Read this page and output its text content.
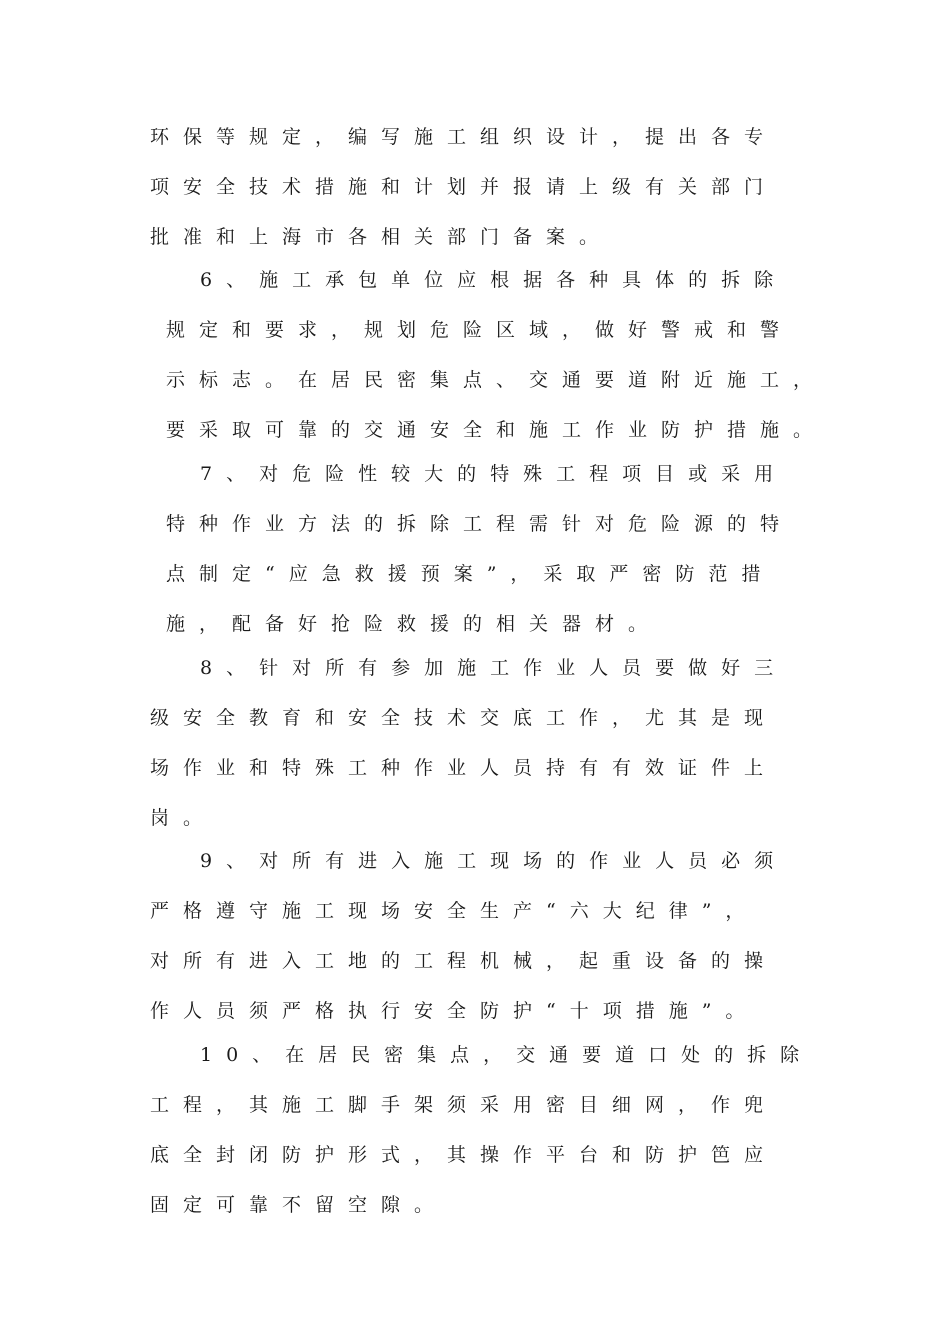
环保等规定，编写施工组织设计，提出各专
项安全技术措施和计划并报请上级有关部门
批准和上海市各相关部门备案。
6、施工承包单位应根据各种具体的拆除
规定和要求，规划危险区域，做好警戒和警
示标志。在居民密集点、交通要道附近施工，
要采取可靠的交通安全和施工作业防护措施。
7、对危险性较大的特殊工程项目或采用
特种作业方法的拆除工程需针对危险源的特
点制定“应急救援预案”，采取严密防范措
施，配备好抢险救援的相关器材。
8、针对所有参加施工作业人员要做好三
级安全教育和安全技术交底工作，尤其是现
场作业和特殊工种作业人员持有有效证件上
岗。
9、对所有进入施工现场的作业人员必须
严格遵守施工现场安全生产“六大纪律”，
对所有进入工地的工程机械，起重设备的操
作人员须严格执行安全防护“十项措施”。
10、在居民密集点，交通要道口处的拆除
工程，其施工脚手架须采用密目细网，作兜
底全封闭防护形式，其操作平台和防护笆应
固定可靠不留空隙。
